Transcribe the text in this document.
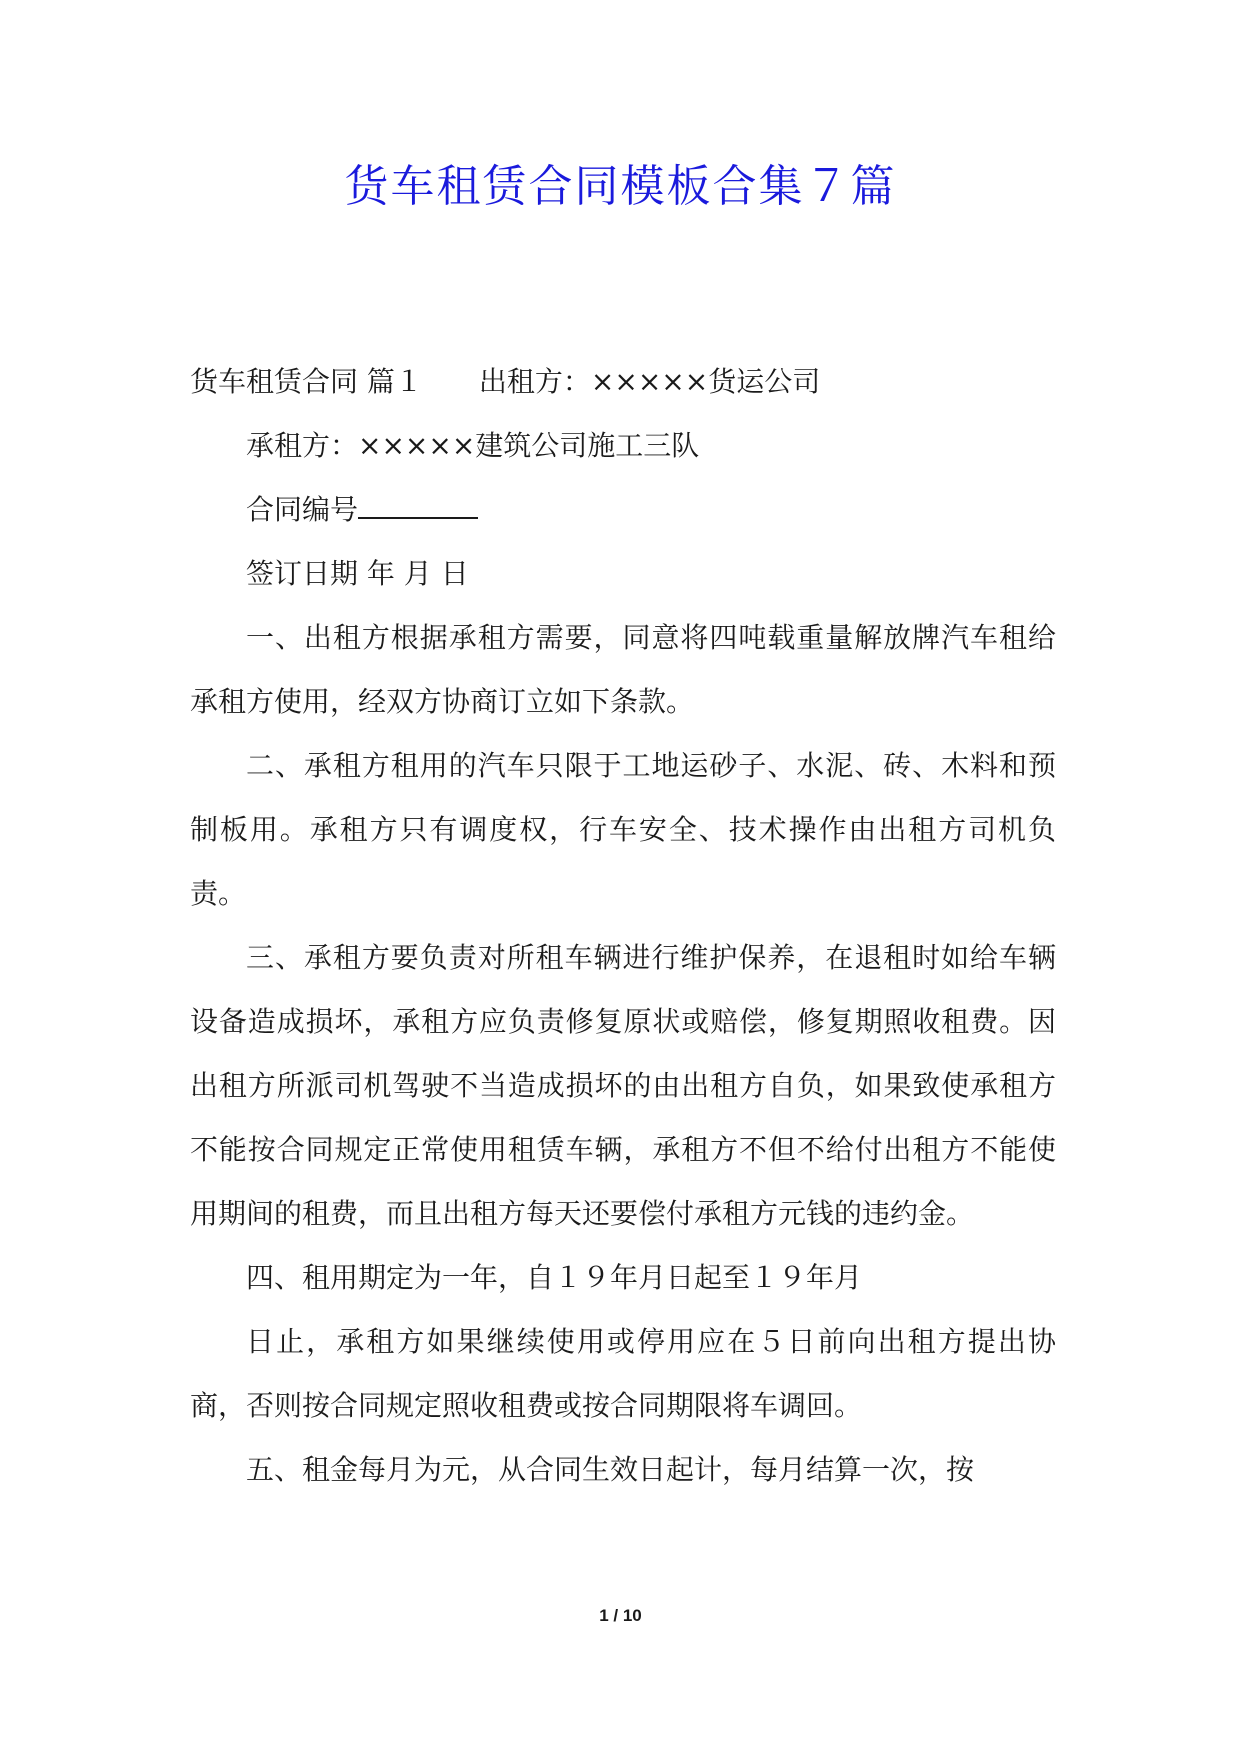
货车租赁合同模板合集７篇

货车租赁合同 篇１ 出租方：×××××货运公司

承租方：×××××建筑公司施工三队

合同编号

签订日期 年 月 日

一、出租方根据承租方需要，同意将四吨载重量解放牌汽车租给承租方使用，经双方协商订立如下条款。

二、承租方租用的汽车只限于工地运砂子、水泥、砖、木料和预制板用。承租方只有调度权，行车安全、技术操作由出租方司机负责。

三、承租方要负责对所租车辆进行维护保养，在退租时如给车辆设备造成损坏，承租方应负责修复原状或赔偿，修复期照收租费。因出租方所派司机驾驶不当造成损坏的由出租方自负，如果致使承租方不能按合同规定正常使用租赁车辆，承租方不但不给付出租方不能使用期间的租费，而且出租方每天还要偿付承租方元钱的违约金。

四、租用期定为一年，自１９年月日起至１９年月

日止，承租方如果继续使用或停用应在５日前向出租方提出协商，否则按合同规定照收租费或按合同期限将车调回。

五、租金每月为元，从合同生效日起计，每月结算一次，按

1 / 10
